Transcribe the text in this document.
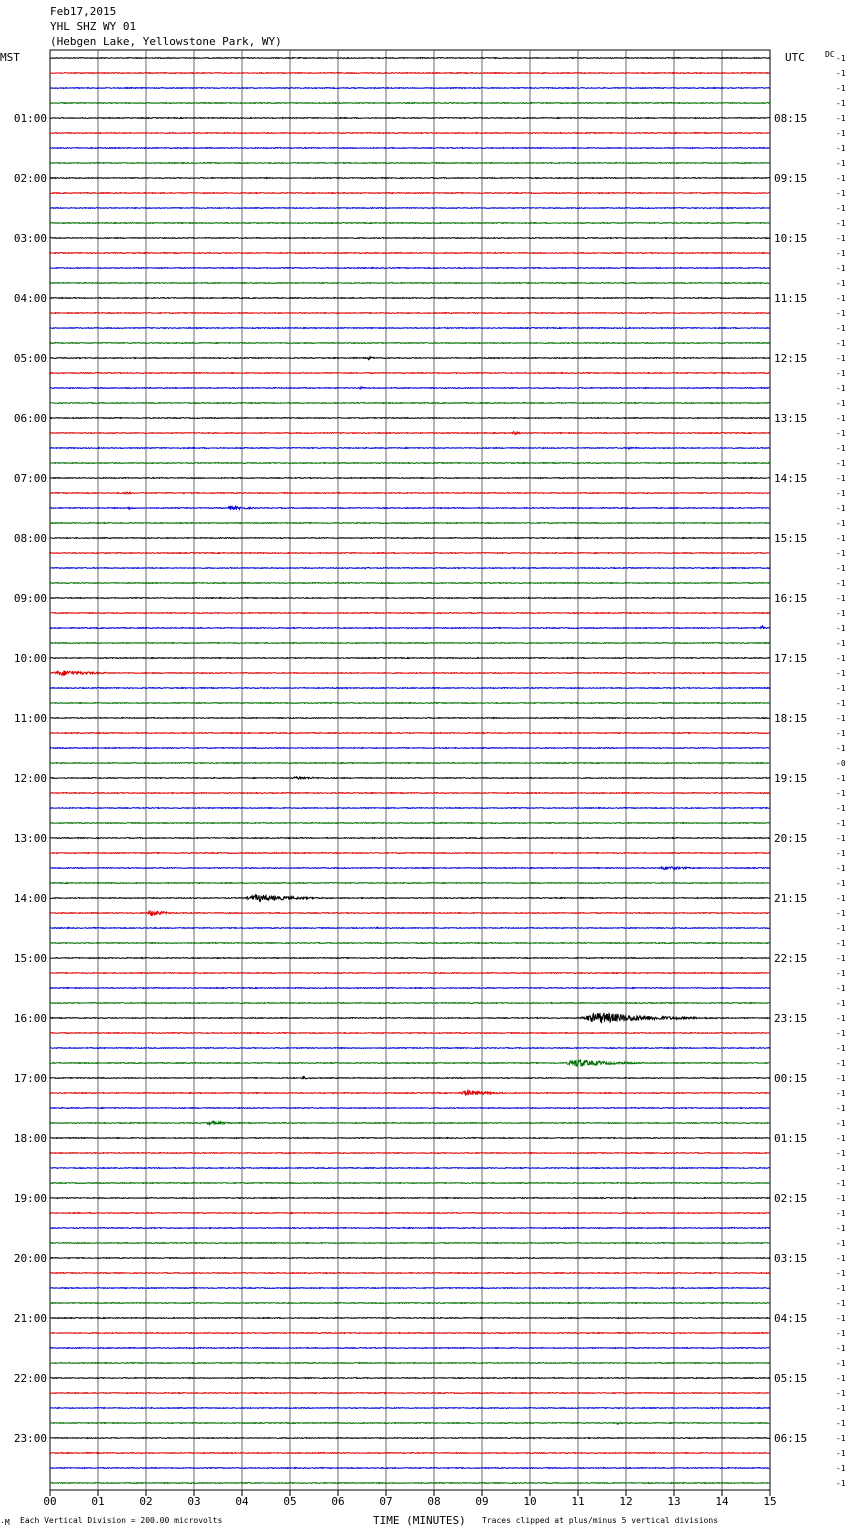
-1
-1
-1
-1
-1
-1
-1
-1
-1
-1
-1
-1
-1
-1
-1
-1
-1
-1
-1
-1
-1
-1
-1
-1
-1
-1
-1
-1
-1
-1
-1
-1
-1
-1
-1
-1
-1
-1
-1
-1
-1
-1
-1
-1
-1
-1
-1
-0
-1
-1
-1
-1
-1
-1
-1
-1
-1
-1
-1
-1
-1
-1
-1
-1
-1
-1
-1
-1
-1
-1
-1
-1
-1
-1
-1
-1
-1
-1
-1
-1
-1
-1
-1
-1
-1
-1
-1
-1
-1
-1
-1
-1
-1
-1
-1
-1
01:00
02:00
03:00
04:00
05:00
06:00
07:00
08:00
09:00
10:00
11:00
12:00
13:00
14:00
15:00
16:00
17:00
18:00
19:00
20:00
21:00
22:00
23:00
08:15
09:15
10:15
11:15
12:15
13:15
14:15
15:15
16:15
17:15
18:15
19:15
20:15
21:15
22:15
23:15
00:15
01:15
02:15
03:15
04:15
05:15
06:15
00	01	02	03	04	05	06	07	08	09	10	11	12	13	14	15
Feb17,2015
YHL SHZ WY 01
(Hebgen Lake, Yellowstone Park, WY)
MST	UTC	DC
·M Each Vertical Division = 200.00 microvolts	TIME (MINUTES) Traces clipped at plus/minus 5 vertical divisions
